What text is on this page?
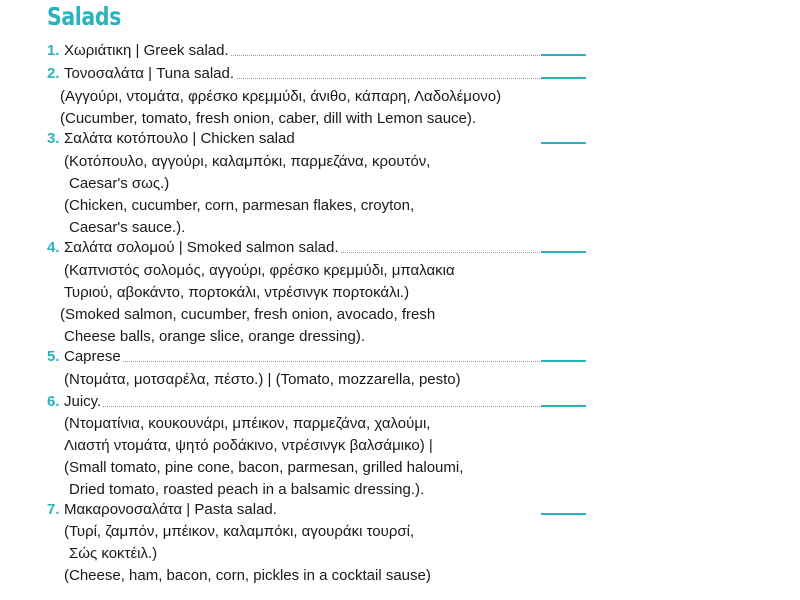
Salads
1. Χωριάτικη | Greek salad.
2. Τονοσαλάτα | Tuna salad.
(Αγγούρι, ντομάτα, φρέσκο κρεμμύδι, άνιθο, κάπαρη, Λαδολέμονο)
(Cucumber, tomato, fresh onion, caber, dill with Lemon sauce).
3. Σαλάτα κοτόπουλο | Chicken salad
(Κοτόπουλο, αγγούρι, καλαμπόκι, παρμεζάνα, κρουτόν,
Caesar's σως.)
(Chicken, cucumber, corn, parmesan flakes, croyton,
Caesar's sauce.).
4. Σαλάτα σολομού | Smoked salmon salad.
(Καπνιστός σολομός, αγγούρι, φρέσκο κρεμμύδι, μπαλακια
Τυριού, αβοκάντο, πορτοκάλι, ντρέσινγκ πορτοκάλι.)
(Smoked salmon, cucumber, fresh onion, avocado, fresh
Cheese balls, orange slice, orange dressing).
5. Caprese
(Ντομάτα, μοτσαρέλα, πέστο.) | (Tomato, mozzarella, pesto)
6. Juicy.
(Ντοματίνια, κουκουνάρι, μπέικον, παρμεζάνα, χαλούμι,
Λιαστή ντομάτα, ψητό ροδάκινο, ντρέσινγκ βαλσάμικο) |
(Small tomato, pine cone, bacon, parmesan, grilled haloumi,
Dried tomato, roasted peach in a balsamic dressing.).
7. Μακαρονοσαλάτα | Pasta salad.
(Τυρί, ζαμπόν, μπέικον, καλαμπόκι, αγουράκι τουρσί,
Σώς κοκτέιλ.)
(Cheese, ham, bacon, corn, pickles in a cocktail sause)
